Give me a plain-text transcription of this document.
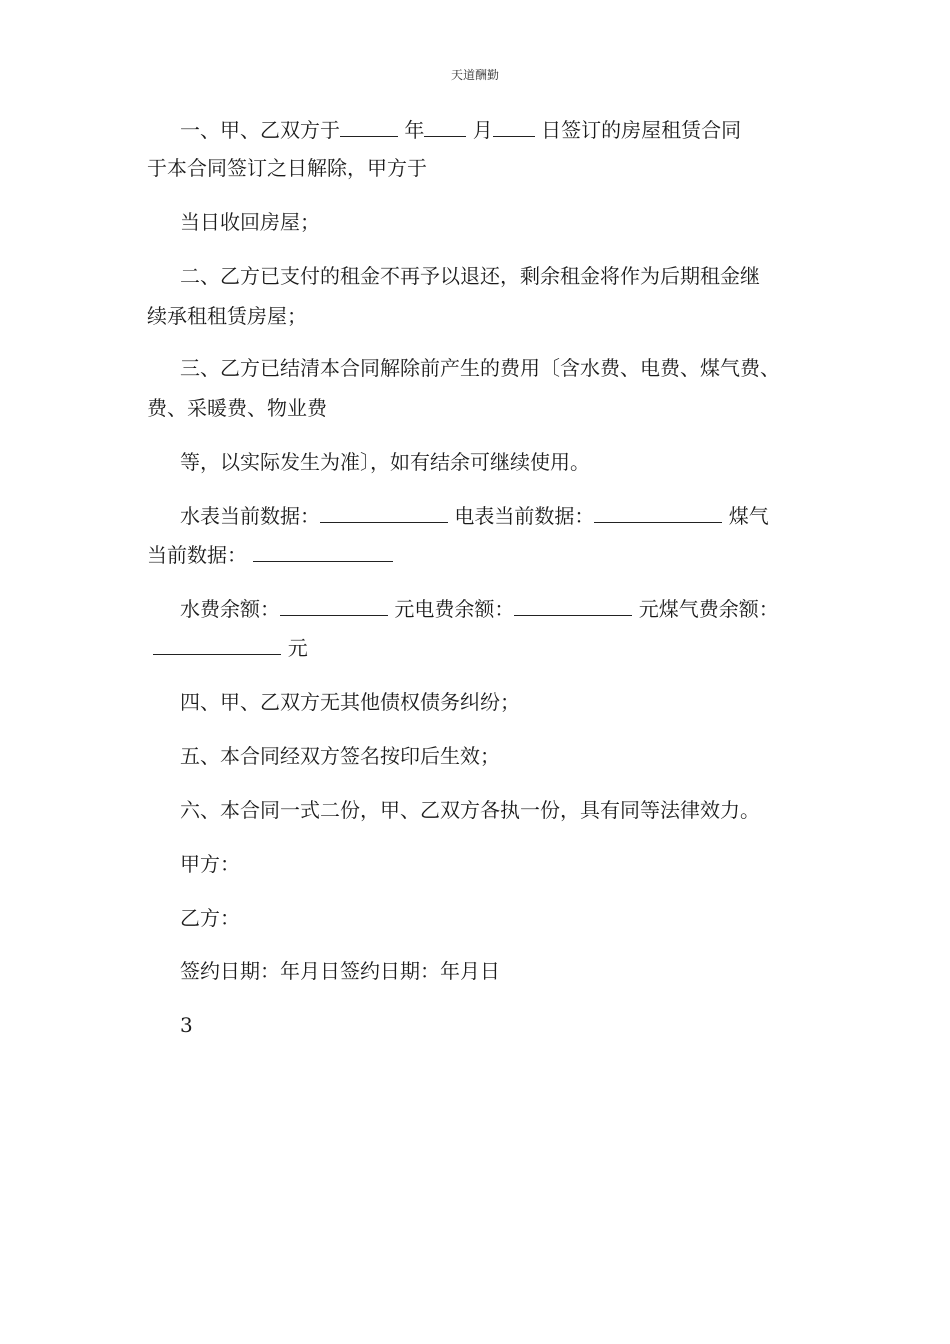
天道酬勤
一、甲、乙双方于	年 月 日签订的房屋租赁合同
于本合同签订之日解除，甲方于
当日收回房屋；
二、乙方已支付的租金不再予以退还，剩余租金将作为后期租金继
续承租租赁房屋；
三、乙方已结清本合同解除前产生的费用〔含水费、电费、煤气费、
费、采暖费、物业费
等，以实际发生为准〕，如有结余可继续使用。
水表当前数据：	电表当前数据：	煤气
当前数据：
水费余额：	元电费余额：	元煤气费余额：
元
四、甲、乙双方无其他债权债务纠纷；
五、本合同经双方签名按印后生效；
六、本合同一式二份，甲、乙双方各执一份，具有同等法律效力。
甲方：
乙方：
签约日期：年月日签约日期：年月日
3
